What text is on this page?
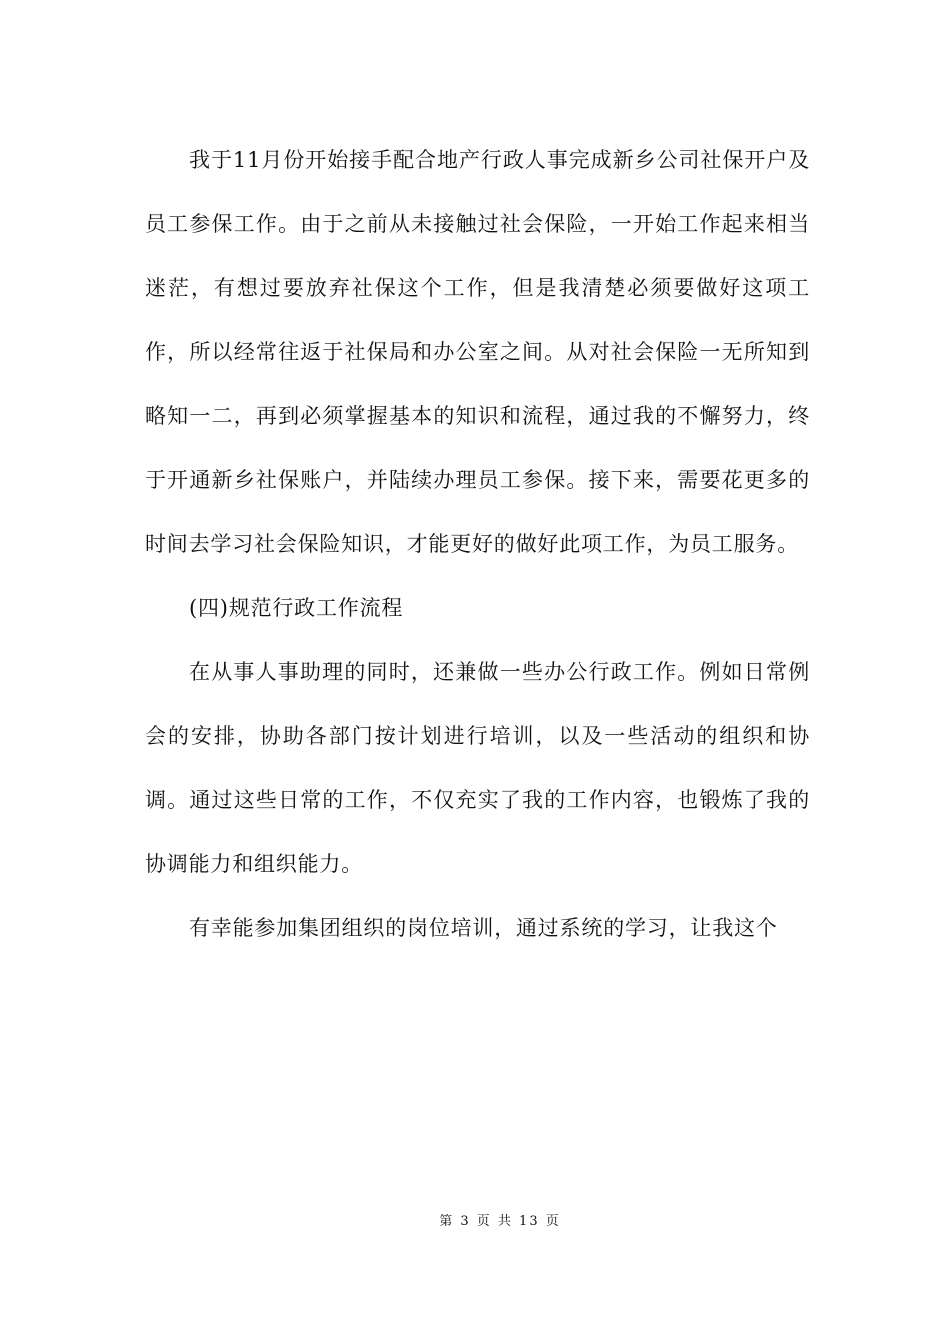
我于11月份开始接手配合地产行政人事完成新乡公司社保开户及员工参保工作。由于之前从未接触过社会保险，一开始工作起来相当迷茫，有想过要放弃社保这个工作，但是我清楚必须要做好这项工作，所以经常往返于社保局和办公室之间。从对社会保险一无所知到略知一二，再到必须掌握基本的知识和流程，通过我的不懈努力，终于开通新乡社保账户，并陆续办理员工参保。接下来，需要花更多的时间去学习社会保险知识，才能更好的做好此项工作，为员工服务。

(四)规范行政工作流程

在从事人事助理的同时，还兼做一些办公行政工作。例如日常例会的安排，协助各部门按计划进行培训，以及一些活动的组织和协调。通过这些日常的工作，不仅充实了我的工作内容，也锻炼了我的协调能力和组织能力。

有幸能参加集团组织的岗位培训，通过系统的学习，让我这个

第 3 页 共 13 页
